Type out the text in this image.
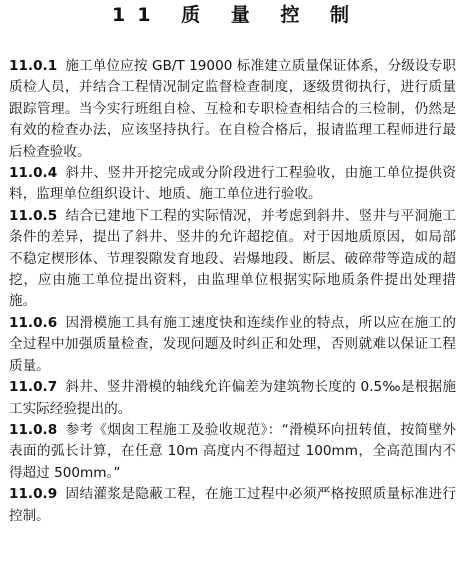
11 质 量 控 制

11.0.1 施工单位应按 GB/T 19000 标准建立质量保证体系，分级设专职质检人员，并结合工程情况制定监督检查制度，逐级贯彻执行，进行质量跟踪管理。当今实行班组自检、互检和专职检查相结合的三检制，仍然是有效的检查办法，应该坚持执行。在自检合格后，报请监理工程师进行最后检查验收。

11.0.4 斜井、竖井开挖完成或分阶段进行工程验收，由施工单位提供资料，监理单位组织设计、地质、施工单位进行验收。

11.0.5 结合已建地下工程的实际情况，并考虑到斜井、竖井与平洞施工条件的差异，提出了斜井、竖井的允许超挖值。对于因地质原因，如局部不稳定楔形体、节理裂隙发育地段、岩爆地段、断层、破碎带等造成的超挖，应由施工单位提出资料，由监理单位根据实际地质条件提出处理措施。

11.0.6 因滑模施工具有施工速度快和连续作业的特点，所以应在施工的全过程中加强质量检查，发现问题及时纠正和处理，否则就难以保证工程质量。

11.0.7 斜井、竖井滑模的轴线允许偏差为建筑物长度的 0.5‰是根据施工实际经验提出的。

11.0.8 参考《烟囱工程施工及验收规范》：“滑模环向扭转值，按简壁外表面的弧长计算，在任意 10m 高度内不得超过 100mm，全高范围内不得超过 500mm。”

11.0.9 固结灌浆是隐蔽工程，在施工过程中必须严格按照质量标准进行控制。
